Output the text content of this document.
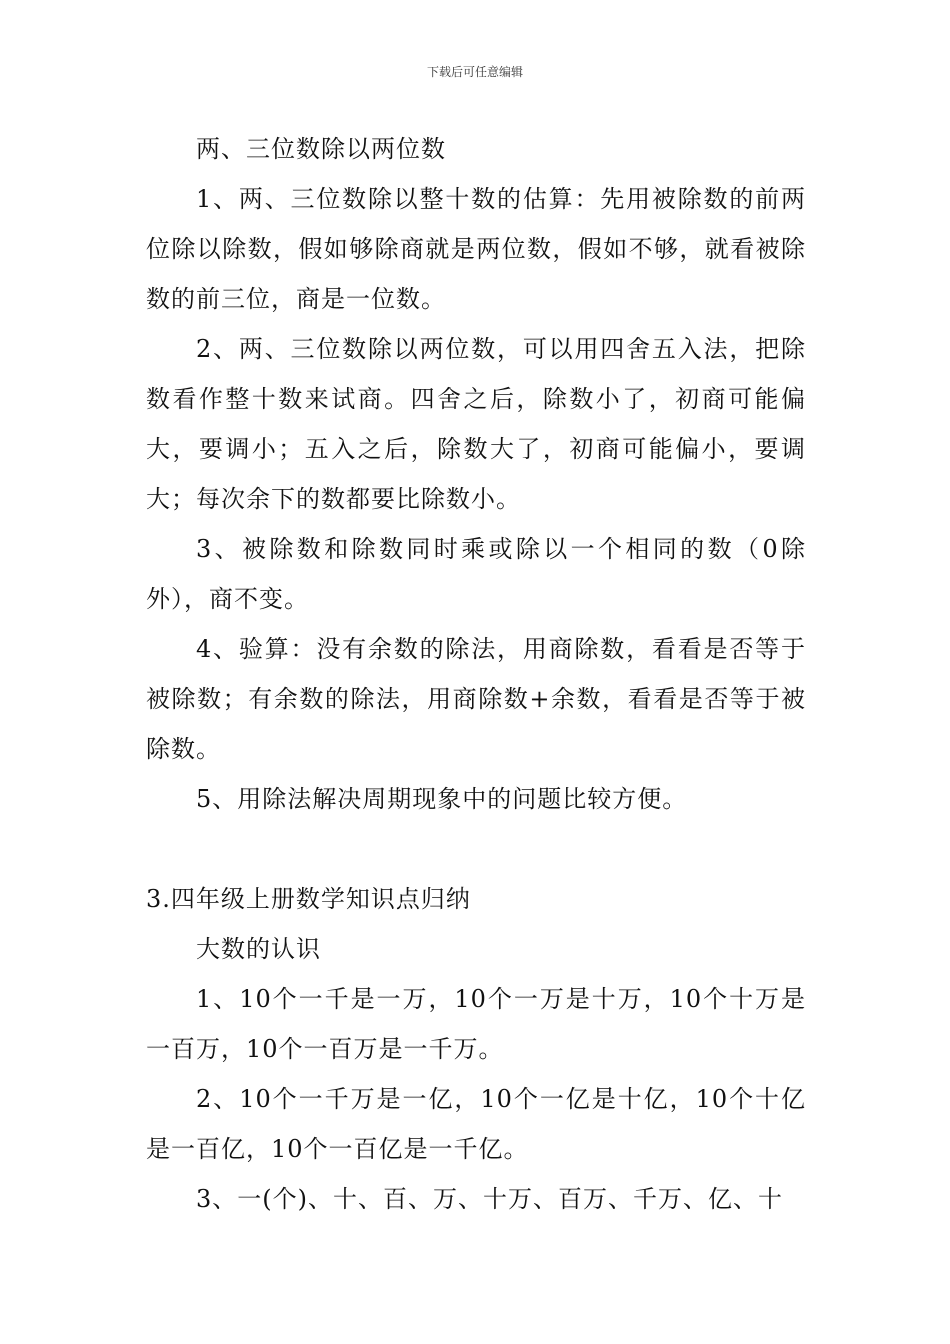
下载后可任意编辑

两、三位数除以两位数

1、两、三位数除以整十数的估算：先用被除数的前两位除以除数，假如够除商就是两位数，假如不够，就看被除数的前三位，商是一位数。

2、两、三位数除以两位数，可以用四舍五入法，把除数看作整十数来试商。四舍之后，除数小了，初商可能偏大，要调小；五入之后，除数大了，初商可能偏小，要调大；每次余下的数都要比除数小。

3、被除数和除数同时乘或除以一个相同的数（0除外），商不变。

4、验算：没有余数的除法，用商除数，看看是否等于被除数；有余数的除法，用商除数+余数，看看是否等于被除数。

5、用除法解决周期现象中的问题比较方便。

3.四年级上册数学知识点归纳

大数的认识

1、10个一千是一万，10个一万是十万，10个十万是一百万，10个一百万是一千万。

2、10个一千万是一亿，10个一亿是十亿，10个十亿是一百亿，10个一百亿是一千亿。

3、一(个)、十、百、万、十万、百万、千万、亿、十
